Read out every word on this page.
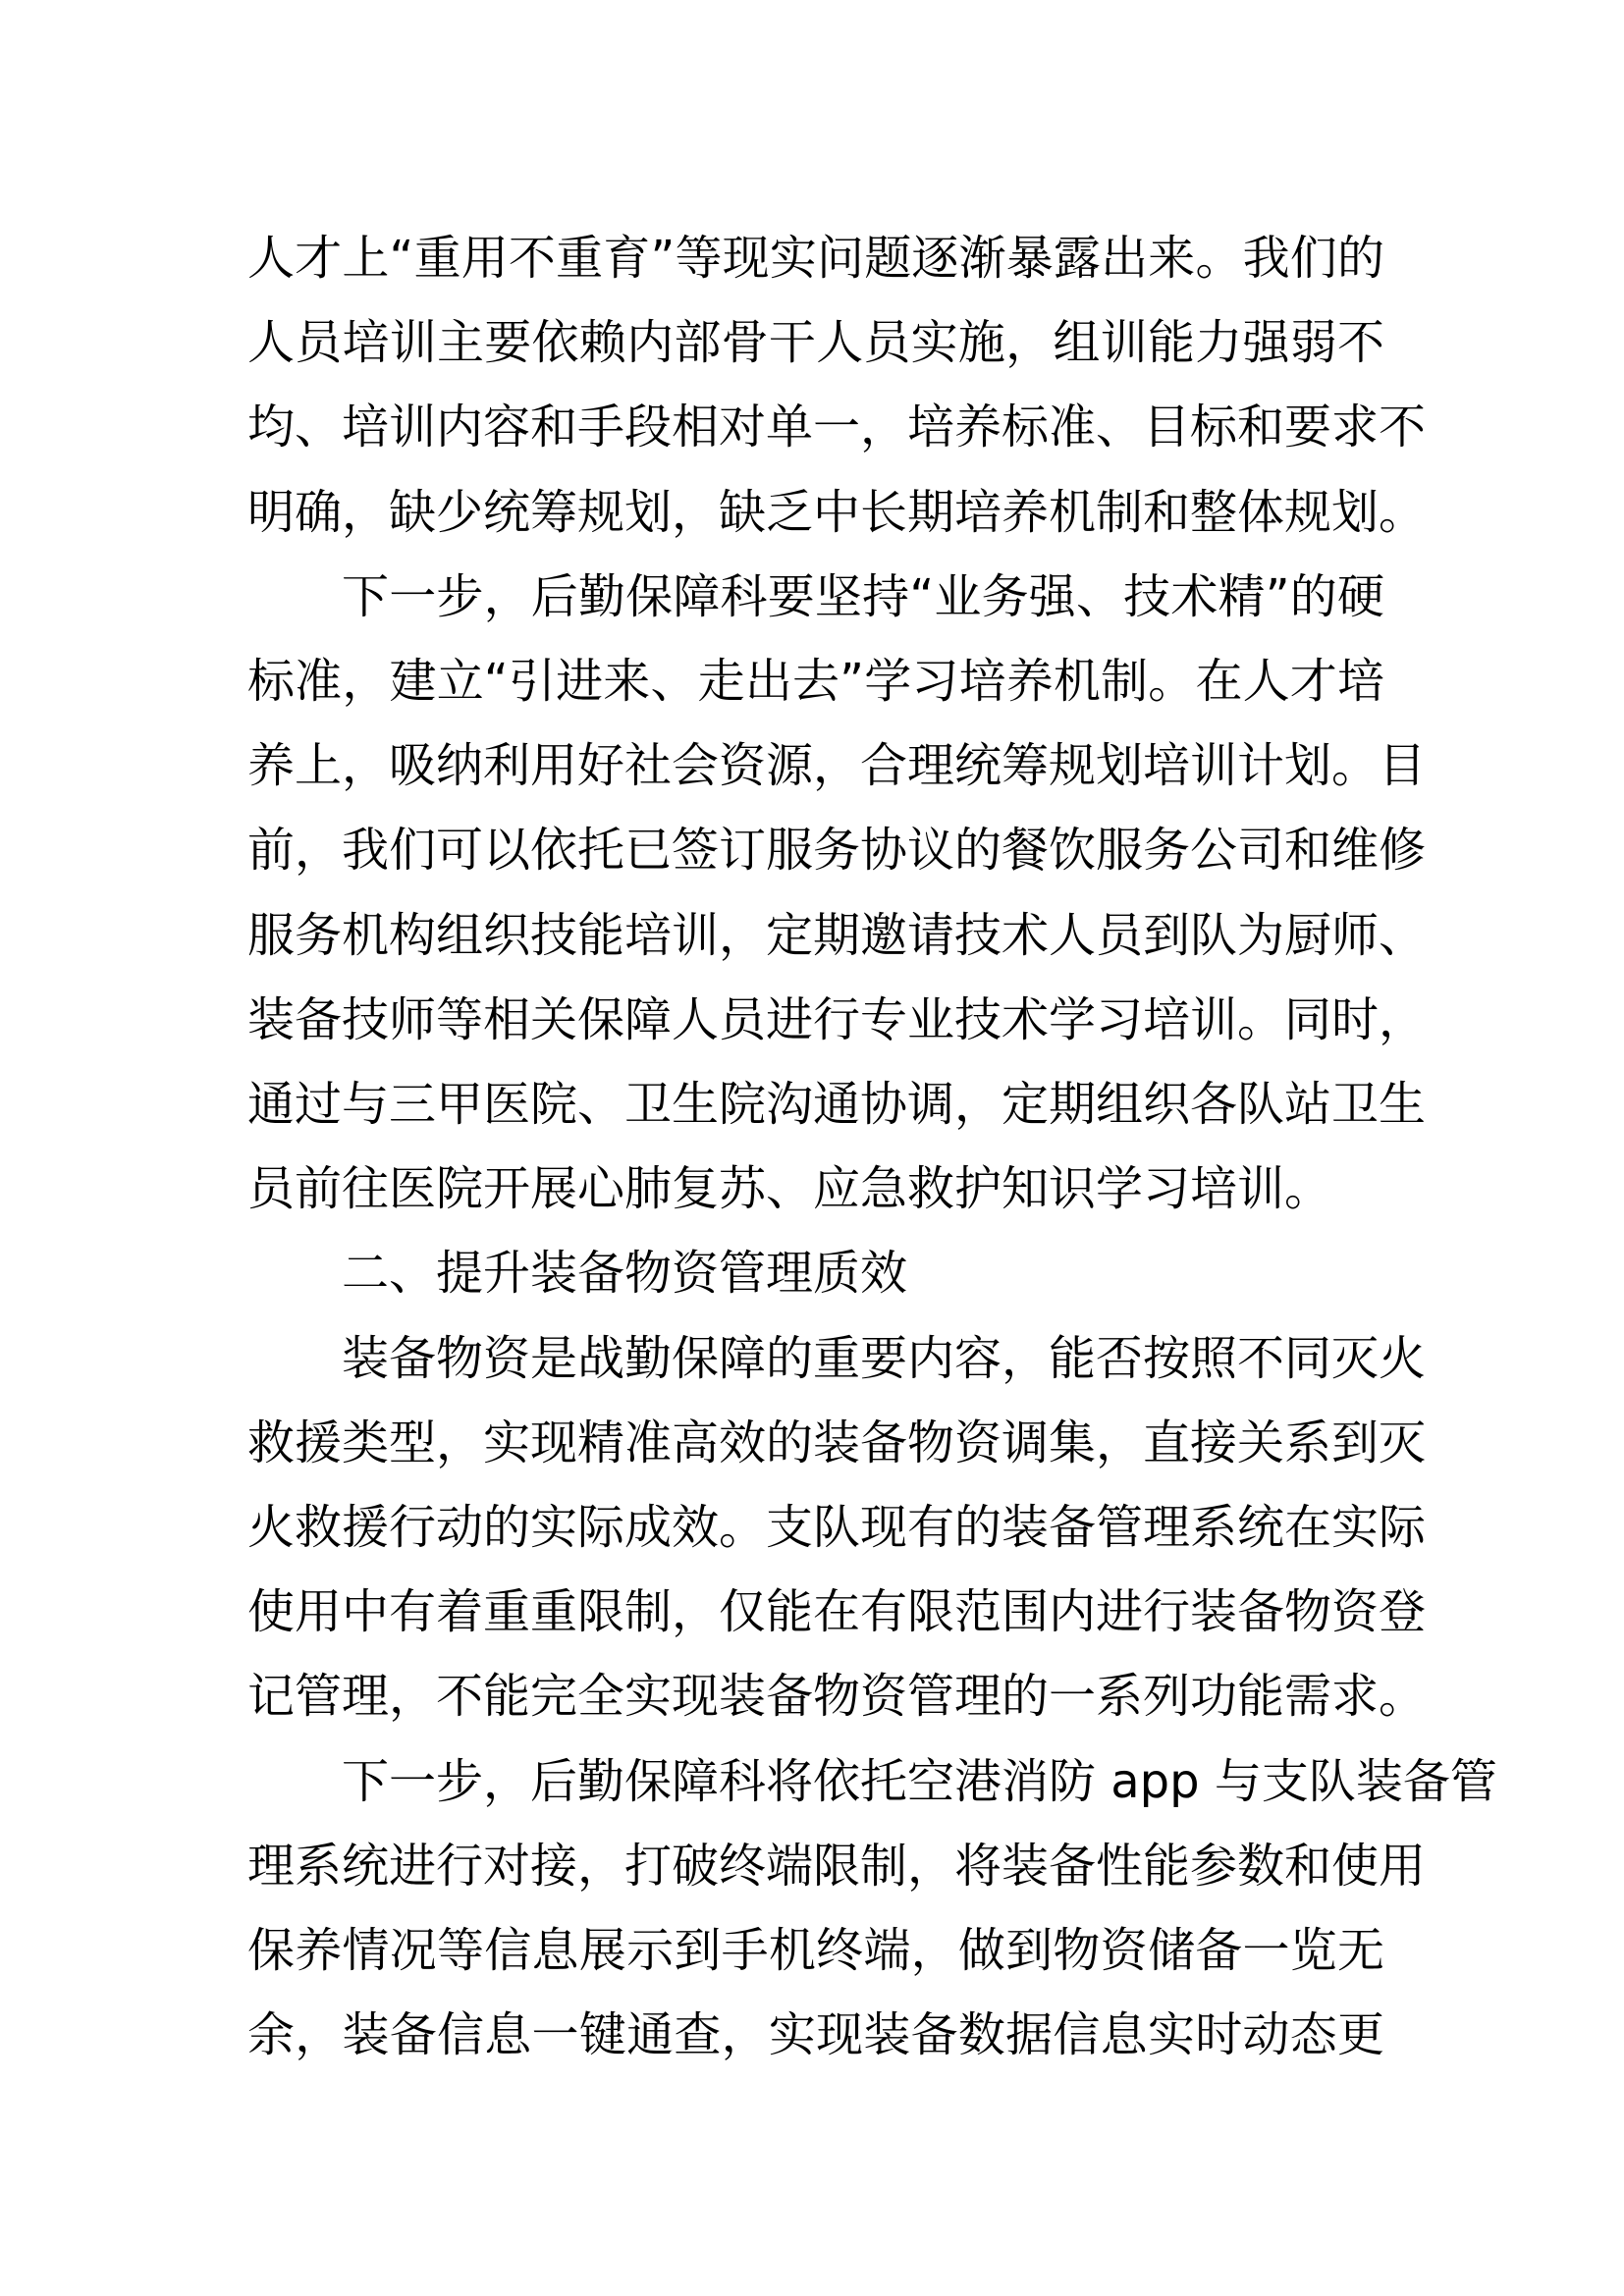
人才上“重用不重育”等现实问题逐渐暴露出来。我们的
人员培训主要依赖内部骨干人员实施，组训能力强弱不
均、培训内容和手段相对单一，培养标准、目标和要求不
明确，缺少统筹规划，缺乏中长期培养机制和整体规划。

下一步，后勤保障科要坚持“业务强、技术精”的硬
标准，建立“引进来、走出去”学习培养机制。在人才培
养上，吸纳利用好社会资源，合理统筹规划培训计划。目
前，我们可以依托已签订服务协议的餐饮服务公司和维修
服务机构组织技能培训，定期邀请技术人员到队为厨师、
装备技师等相关保障人员进行专业技术学习培训。同时，
通过与三甲医院、卫生院沟通协调，定期组织各队站卫生
员前往医院开展心肺复苏、应急救护知识学习培训。

二、提升装备物资管理质效

装备物资是战勤保障的重要内容，能否按照不同灭火
救援类型，实现精准高效的装备物资调集，直接关系到灭
火救援行动的实际成效。支队现有的装备管理系统在实际
使用中有着重重限制，仅能在有限范围内进行装备物资登
记管理，不能完全实现装备物资管理的一系列功能需求。

下一步，后勤保障科将依托空港消防 app 与支队装备管
理系统进行对接，打破终端限制，将装备性能参数和使用
保养情况等信息展示到手机终端，做到物资储备一览无
余，装备信息一键通查，实现装备数据信息实时动态更
